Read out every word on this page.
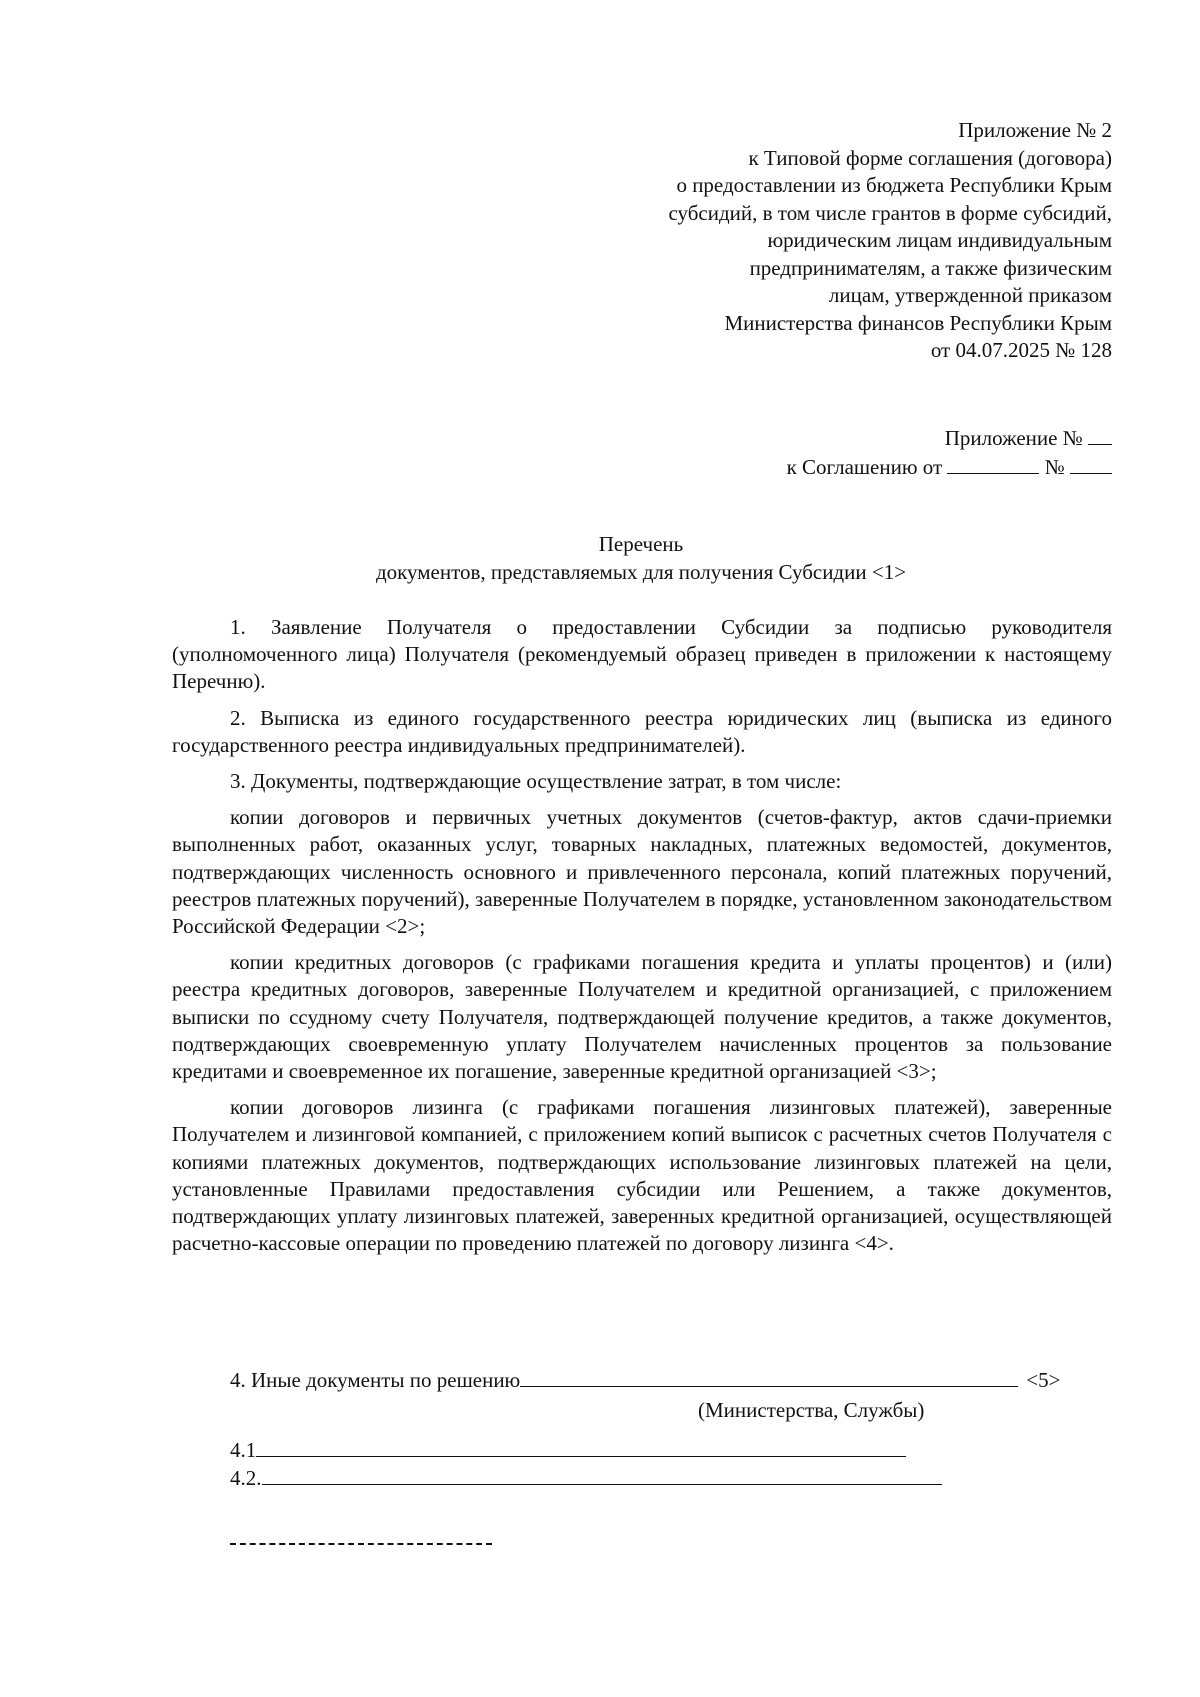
Приложение № 2
к Типовой форме соглашения (договора)
о предоставлении из бюджета Республики Крым
субсидий, в том числе грантов в форме субсидий,
юридическим лицам индивидуальным
предпринимателям, а также физическим
лицам, утвержденной приказом
Министерства финансов Республики Крым
от 04.07.2025 № 128
Приложение №
к Соглашению от	№
Перечень
документов, представляемых для получения Субсидии <1>

1. Заявление Получателя о предоставлении Субсидии за подписью руководителя (уполномоченного лица) Получателя (рекомендуемый образец приведен в приложении к настоящему Перечню).

2. Выписка из единого государственного реестра юридических лиц (выписка из единого государственного реестра индивидуальных предпринимателей).

3. Документы, подтверждающие осуществление затрат, в том числе:

копии договоров и первичных учетных документов (счетов-фактур, актов сдачи-приемки выполненных работ, оказанных услуг, товарных накладных, платежных ведомостей, документов, подтверждающих численность основного и привлеченного персонала, копий платежных поручений, реестров платежных поручений), заверенные Получателем в порядке, установленном законодательством Российской Федерации <2>;

копии кредитных договоров (с графиками погашения кредита и уплаты процентов) и (или) реестра кредитных договоров, заверенные Получателем и кредитной организацией, с приложением выписки по ссудному счету Получателя, подтверждающей получение кредитов, а также документов, подтверждающих своевременную уплату Получателем начисленных процентов за пользование кредитами и своевременное их погашение, заверенные кредитной организацией <3>;

копии договоров лизинга (с графиками погашения лизинговых платежей), заверенные Получателем и лизинговой компанией, с приложением копий выписок с расчетных счетов Получателя с копиями платежных документов, подтверждающих использование лизинговых платежей на цели, установленные Правилами предоставления субсидии или Решением, а также документов, подтверждающих уплату лизинговых платежей, заверенных кредитной организацией, осуществляющей расчетно-кассовые операции по проведению платежей по договору лизинга <4>.

4. Иные документы по решению	<5>
(Министерства, Службы)
4.1
4.2.
